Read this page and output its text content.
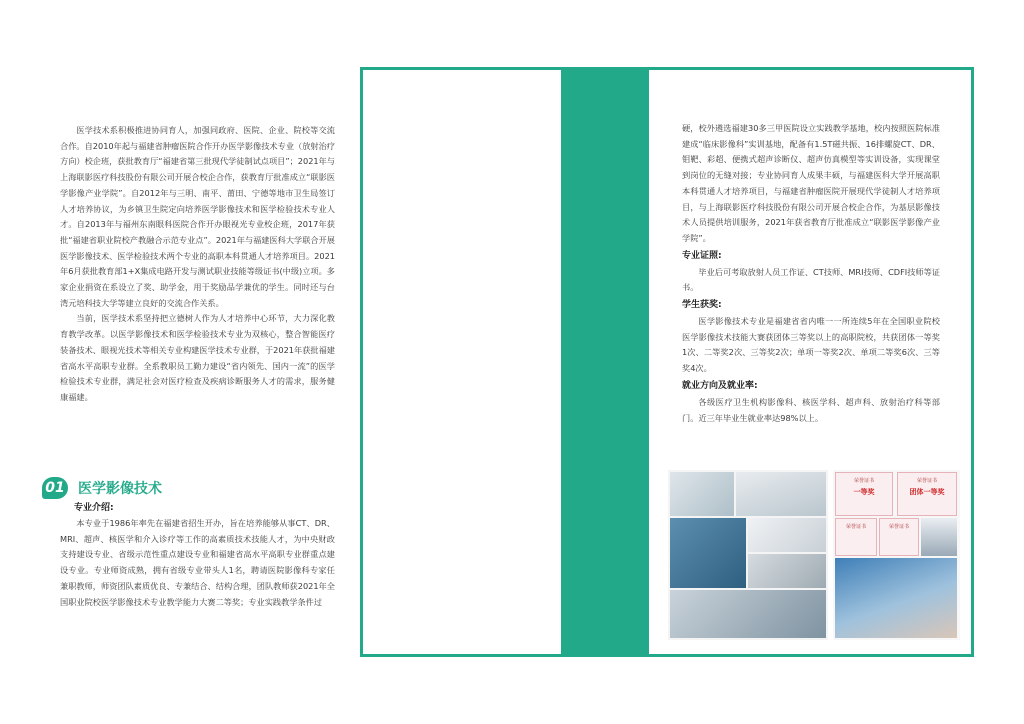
医学技术系积极推进协同育人，加强同政府、医院、企业、院校等交流合作。自2010年起与福建省肿瘤医院合作开办医学影像技术专业（放射治疗方向）校企班，获批教育厅“福建省第三批现代学徒制试点项目”；2021年与上海联影医疗科技股份有限公司开展合校企合作，获教育厅批准成立“联影医学影像产业学院”。自2012年与三明、南平、莆田、宁德等地市卫生局签订人才培养协议，为乡镇卫生院定向培养医学影像技术和医学检验技术专业人才。自2013年与福州东南眼科医院合作开办眼视光专业校企班，2017年获批“福建省职业院校产教融合示范专业点”。2021年与福建医科大学联合开展医学影像技术、医学检验技术两个专业的高职本科贯通人才培养项目。2021年6月获批教育部1+X集成电路开发与测试职业技能等级证书(中级)立项。多家企业捐资在系设立了奖、助学金，用于奖励品学兼优的学生。同时还与台湾元培科技大学等建立良好的交流合作关系。

当前，医学技术系坚持把立德树人作为人才培养中心环节，大力深化教育教学改革。以医学影像技术和医学检验技术专业为双核心，整合智能医疗装备技术、眼视光技术等相关专业构建医学技术专业群，于2021年获批福建省高水平高职专业群。全系教职员工勤力建设“省内领先、国内一流”的医学检验技术专业群，满足社会对医疗检查及疾病诊断服务人才的需求，服务健康福建。

01 医学影像技术
专业介绍:

本专业于1986年率先在福建省招生开办，旨在培养能够从事CT、DR、MRI、超声、核医学和介入诊疗等工作的高素质技术技能人才，为中央财政支持建设专业、省级示范性重点建设专业和福建省高水平高职专业群重点建设专业。专业师资成熟，拥有省级专业带头人1名，聘请医院影像科专家任兼职教师，师资团队素质优良、专兼结合、结构合理，团队教师获2021年全国职业院校医学影像技术专业教学能力大赛二等奖；专业实践教学条件过

硬，校外遴选福建30多三甲医院设立实践教学基地，校内按照医院标准建成“临床影像科”实训基地，配备有1.5T磁共振、16排螺旋CT、DR、钼靶、彩超、便携式超声诊断仪、超声仿真模型等实训设备，实现课堂到岗位的无缝对接；专业协同育人成果丰硕，与福建医科大学开展高职本科贯通人才培养项目，与福建省肿瘤医院开展现代学徒制人才培养项目，与上海联影医疗科技股份有限公司开展合校企合作，为基层影像技术人员提供培训服务，2021年获省教育厅批准成立“联影医学影像产业学院”。

专业证照:

毕业后可考取放射人员工作证、CT技师、MRI技师、CDFI技师等证书。

学生获奖:

医学影像技术专业是福建省省内唯一一所连续5年在全国职业院校医学影像技术技能大赛获团体三等奖以上的高职院校，共获团体一等奖1次、二等奖2次、三等奖2次；单项一等奖2次、单项二等奖6次、三等奖4次。

就业方向及就业率:

各级医疗卫生机构影像科、核医学科、超声科、放射治疗科等部门。近三年毕业生就业率达98%以上。

荣誉证书
一等奖
荣誉证书
团体一等奖
荣誉证书	荣誉证书
